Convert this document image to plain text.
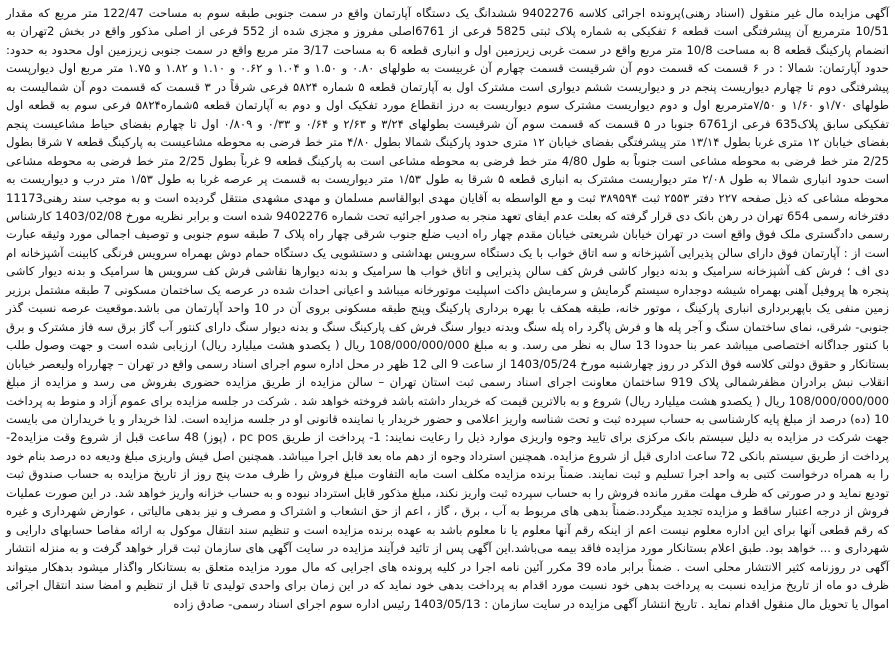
آگهی مزایده مال غیر منقول (اسناد رهنی)پرونده اجرائی کلاسه 9402276 ششدانگ یک دستگاه آپارتمان واقع در سمت جنوبی طبقه سوم به مساحت 122/47 متر مربع که مقدار 10/51 مترمربع آن پیشرفتگی است قطعه ۶ تفکیکی به شماره پلاک ثبتی 5825 فرعی از 6761اصلی مفروز و مجزی شده از 552 فرعی از اصلی مذکور واقع در بخش 2تهران به انضمام پارکینگ قطعه 8 به مساحت 10/8 متر مربع واقع در سمت غربی زیرزمین اول و انباری قطعه 6 به مساحت 3/17 متر مربع واقع در سمت جنوبی زیرزمین اول محدود به حدود: حدود آپارتمان: شمالا : در ۶ قسمت که قسمت دوم آن شرقیست قسمت چهارم آن غربیست به طولهای ۰.۸۰ و ۱.۵۰ و ۱.۰۴ و ۰.۶۲ و ۱.۱۰ و ۱.۸۲ و ۱.۷۵ متر مربع اول دیوارپست پیشرفتگی دوم تا چهارم دیواریست پنجم در و دیواریست ششم دیواری است مشترک اول به آپارتمان قطعه ۵ شماره ۵۸۲۴ فرعی شرقاً در ۳ قسمت که قسمت دوم آن شمالیست به طولهای ۱/۷۰و ۱/۶۰ و ۷/۵۰مترمربع اول و دوم دیواریست مشترک سوم دیواریست به درز انقطاع مورد تفکیک اول و دوم به آپارتمان قطعه ۵شماره۵۸۲۴ فرعی سوم به قطعه اول تفکیکی سابق پلاک635 فرعی از6761 جنوبا در ۵ قسمت که قسمت سوم آن شرقیست بطولهای ۳/۲۴ و ۲/۶۳ و ۰/۶۴ و ۰/۳۳ و ۰/۸۰۹ اول تا چهارم بفضای حیاط مشاعیست پنجم بفضای خیابان ۱۲ متری غربا بطول ۱۳/۱۴ متر پیشرفتگی بفضای خیابان ۱۲ متری حدود پارکینگ شمالا بطول ۴/۸۰ متر خط فرضی به محوطه مشاعیست به پارکینگ قطعه ۷ شرقا بطول 2/25 متر خط فرضی به محوطه مشاعی است جنوباً به طول 4/80 متر خط فرضی به محوطه مشاعی است به پارکینگ قطعه 9 غرباً بطول 2/25 متر خط فرضی به محوطه مشاعی است حدود انباری شمالا به طول ۲/۰۸ متر دیواریست مشترک به انباری قطعه ۵ شرقا به طول ۱/۵۳ متر دیواریست به قسمت پر عرصه غربا به طول ۱/۵۳ متر درب و دیواریست به محوطه مشاعی که ذیل صفحه ۲۲۷ دفتر ۲۵۵۳ ثبت ۳۸۹۵۹۴ ثبت و مع الواسطه به آقایان مهدی ابوالقاسم مسلمان و مهدی مشهدی منتقل گردیده است و به موجب سند رهنی11173 دفترخانه رسمی 654 تهران در رهن بانک دی قرار گرفته که بعلت عدم ایفای تعهد منجر به صدور اجرائیه تحت شماره 9402276 شده است و برابر نظریه مورخ 1403/02/08 کارشناس رسمی دادگستری ملک فوق واقع است در تهران خیابان شریعتی خیابان مقدم چهار راه ادیب ضلع جنوب شرقی چهار راه پلاک 7 طبقه سوم جنوبی و توصیف اجمالی مورد وثیقه عبارت است از : آپارتمان فوق دارای سالن پذیرایی آشپزخانه و سه اتاق خواب با یک دستگاه سرویس بهداشتی و دستشویی یک دستگاه حمام دوش بهمراه سرویس فرنگی کابینت آشپزخانه ام دی اف ؛ فرش کف آشپزخانه سرامیک و بدنه دیوار کاشی فرش کف سالن پذیرایی و اتاق خواب ها سرامیک و بدنه دیوارها نقاشی فرش کف سرویس ها سرامیک و بدنه دیوار کاشی پنجره ها پروفیل آهنی بهمراه شیشه دوجداره سیستم گرمایش و سرمایش داکت اسپلیت موتورخانه میباشد و اعیانی احداث شده در عرصه یک ساختمان مسکونی 7 طبقه مشتمل برزیر زمین منفی یک باپهربرداری انباری پارکینگ ، موتور خانه، طبقه همکف با بهره برداری پارکینگ وپنج طبقه مسکونی بروی آن در 10 واحد آپارتمان می باشد.موقعیت عرصه نسبت گذر جنوبی- شرقی، نمای ساختمان سنگ و آجر پله ها و فرش پاگرد راه پله سنگ وبدنه دیوار سنگ فرش کف پارکینگ سنگ و بدنه دیوار سنگ دارای کنتور آب گاز برق سه فاز مشترک و برق با کنتور جداگانه اختصاصی میباشد عمر بنا حدودا 13 سال به نظر می رسد. و به مبلغ 108/000/000/000 ریال ( یکصدو هشت میلیارد ریال) ارزیابی شده است و جهت وصول طلب بستانکار و حقوق دولتی کلاسه فوق الذکر در روز چهارشنبه مورخ 1403/05/24 از ساعت 9 الی 12 ظهر در محل اداره سوم اجرای اسناد رسمی واقع در تهران – چهارراه ولیعصر خیابان انقلاب نبش برادران مظفرشمالی پلاک 919 ساختمان معاونت اجرای اسناد رسمی ثبت استان تهران – سالن مزایده از طریق مزایده حضوری بفروش می رسد و مزایده از مبلغ 108/000/000/000 ریال ( یکصدو هشت میلیارد ریال) شروع و به بالاترین قیمت که خریدار داشته باشد فروخته خواهد شد . شرکت در جلسه مزایده برای عموم آزاد و منوط به پرداخت 10 (ده) درصد از مبلغ پایه کارشناسی به حساب سپرده ثبت و تحت شناسه واریز اعلامی و حضور خریدار یا نماینده قانونی او در جلسه مزایده است. لذا خریدار و یا خریداران می بایست جهت شرکت در مزایده به دلیل سیستم بانک مرکزی برای تایید وجوه واریزی موارد ذیل را رعایت نمایند: 1- پرداخت از طریق pc pos ، (پوز) 48 ساعت قبل از شروع وقت مزایده2- پرداخت از طریق سیستم بانکی 72 ساعت اداری قبل از شروع مزایده. همچنین استرداد وجوه از دهم ماه بعد قابل اجرا میباشد. همچنین اصل فیش واریزی مبلغ ودیعه ده درصد بنام خود را به همراه درخواست کتبی به واحد اجرا تسلیم و ثبت نمایند. ضمناً برنده مزایده مکلف است مابه التفاوت مبلغ فروش را ظرف مدت پنج روز از تاریخ مزایده به حساب صندوق ثبت تودیع نماید و در صورتی که ظرف مهلت مقرر مانده فروش را به حساب سپرده ثبت واریز نکند، مبلغ مذکور قابل استرداد نبوده و به حساب خزانه واریز خواهد شد. در این صورت عملیات فروش از درجه اعتبار ساقط و مزایده تجدید میگردد.ضمناً بدهی های مربوط به آب ، برق ، گاز ، اعم از حق انشعاب و اشتراک و مصرف و نیز بدهی مالیاتی ، عوارض شهرداری و غیره که رقم قطعی آنها برای این اداره معلوم نیست اعم از اینکه رقم آنها معلوم یا نا معلوم باشد به عهده برنده مزایده است و تنظیم سند انتقال موکول به ارائه مفاصا حسابهای دارایی و شهرداری و ... خواهد بود. طبق اعلام بستانکار مورد مزایده فاقد بیمه می‌باشد.این آگهی پس از تائید فرآیند مزایده در سایت آگهی های سازمان ثبت قرار خواهد گرفت و به منزله انتشار آگهی در روزنامه کثیر الانتشار محلی است . ضمناً برابر ماده 39 مکرر آئین نامه اجرا در کلیه پرونده های اجرایی که مال مورد مزایده متعلق به بستانکار واگذار میشود بدهکار میتواند ظرف دو ماه از تاریخ مزایده نسبت به پرداخت بدهی خود نسبت مورد اقدام به پرداخت بدهی خود نماید که در این زمان برای واحدی تولیدی تا قبل از تنظیم و امضا سند انتقال اجرائی اموال یا تحویل مال منقول اقدام نماید . تاریخ انتشار آگهی مزایده در سایت سازمان : 1403/05/13 رئیس اداره سوم اجرای اسناد رسمی- صادق زاده
